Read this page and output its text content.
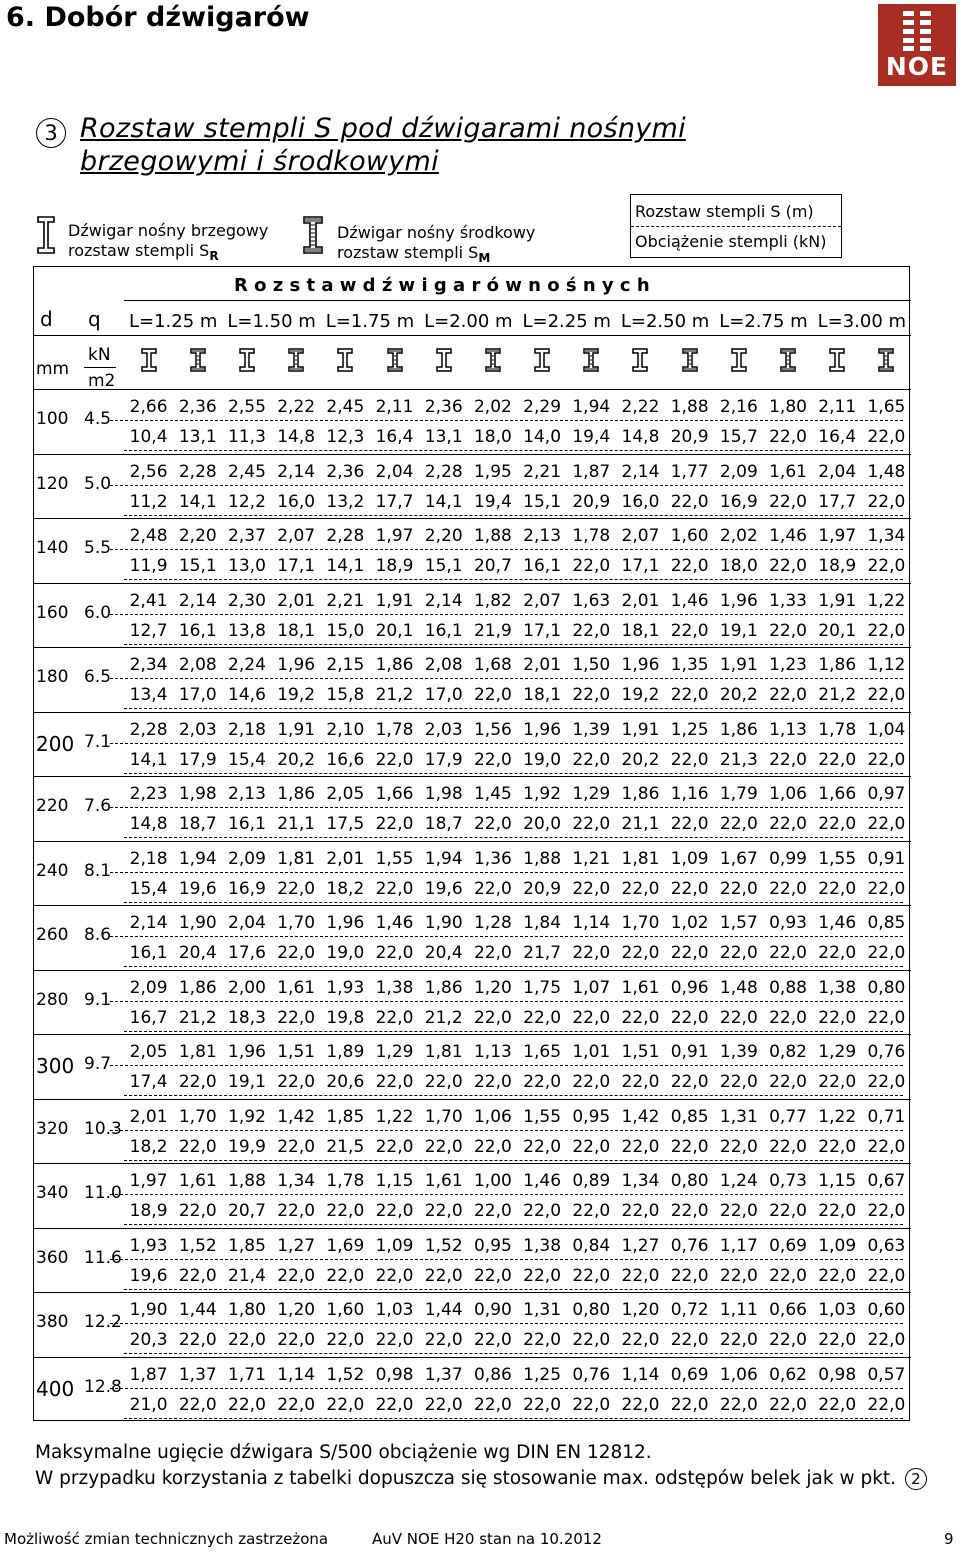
6. Dobór dźwigarów
NOE
3 Rozstaw stempli S pod dźwigarami nośnymi
brzegowymi i środkowymi
Dźwigar nośny brzegowy
rozstaw stempli $S_R$
Dźwigar nośny środkowy
rozstaw stempli $S_M$
Rozstaw stempli S (m)
Obciążenie stempli (kN)
R o z s t a w d ź w i g a r ó w n o ś n y c h
d q
mm
kN
m2
L=1.25 m L=1.50 m L=1.75 m L=2.00 m L=2.25 m L=2.50 m L=2.75 m L=3.00 m
100 4.5
2,66
10,4
2,36
13,1
2,55
11,3
2,22
14,8
2,45
12,3
2,11
16,4
2,36
13,1
2,02
18,0
2,29
14,0
1,94
19,4
2,22
14,8
1,88
20,9
2,16
15,7
1,80
22,0
2,11
16,4
1,65
22,0
120 5.0
2,56
11,2
2,28
14,1
2,45
12,2
2,14
16,0
2,36
13,2
2,04
17,7
2,28
14,1
1,95
19,4
2,21
15,1
1,87
20,9
2,14
16,0
1,77
22,0
2,09
16,9
1,61
22,0
2,04
17,7
1,48
22,0
140 5.5
2,48
11,9
2,20
15,1
2,37
13,0
2,07
17,1
2,28
14,1
1,97
18,9
2,20
15,1
1,88
20,7
2,13
16,1
1,78
22,0
2,07
17,1
1,60
22,0
2,02
18,0
1,46
22,0
1,97
18,9
1,34
22,0
160 6.0
2,41
12,7
2,14
16,1
2,30
13,8
2,01
18,1
2,21
15,0
1,91
20,1
2,14
16,1
1,82
21,9
2,07
17,1
1,63
22,0
2,01
18,1
1,46
22,0
1,96
19,1
1,33
22,0
1,91
20,1
1,22
22,0
180 6.5
2,34
13,4
2,08
17,0
2,24
14,6
1,96
19,2
2,15
15,8
1,86
21,2
2,08
17,0
1,68
22,0
2,01
18,1
1,50
22,0
1,96
19,2
1,35
22,0
1,91
20,2
1,23
22,0
1,86
21,2
1,12
22,0
200 7.1
2,28
14,1
2,03
17,9
2,18
15,4
1,91
20,2
2,10
16,6
1,78
22,0
2,03
17,9
1,56
22,0
1,96
19,0
1,39
22,0
1,91
20,2
1,25
22,0
1,86
21,3
1,13
22,0
1,78
22,0
1,04
22,0
220 7.6
2,23
14,8
1,98
18,7
2,13
16,1
1,86
21,1
2,05
17,5
1,66
22,0
1,98
18,7
1,45
22,0
1,92
20,0
1,29
22,0
1,86
21,1
1,16
22,0
1,79
22,0
1,06
22,0
1,66
22,0
0,97
22,0
240 8.1
2,18
15,4
1,94
19,6
2,09
16,9
1,81
22,0
2,01
18,2
1,55
22,0
1,94
19,6
1,36
22,0
1,88
20,9
1,21
22,0
1,81
22,0
1,09
22,0
1,67
22,0
0,99
22,0
1,55
22,0
0,91
22,0
260 8.6
2,14
16,1
1,90
20,4
2,04
17,6
1,70
22,0
1,96
19,0
1,46
22,0
1,90
20,4
1,28
22,0
1,84
21,7
1,14
22,0
1,70
22,0
1,02
22,0
1,57
22,0
0,93
22,0
1,46
22,0
0,85
22,0
280 9.1
2,09
16,7
1,86
21,2
2,00
18,3
1,61
22,0
1,93
19,8
1,38
22,0
1,86
21,2
1,20
22,0
1,75
22,0
1,07
22,0
1,61
22,0
0,96
22,0
1,48
22,0
0,88
22,0
1,38
22,0
0,80
22,0
300 9.7
2,05
17,4
1,81
22,0
1,96
19,1
1,51
22,0
1,89
20,6
1,29
22,0
1,81
22,0
1,13
22,0
1,65
22,0
1,01
22,0
1,51
22,0
0,91
22,0
1,39
22,0
0,82
22,0
1,29
22,0
0,76
22,0
320 10.3
2,01
18,2
1,70
22,0
1,92
19,9
1,42
22,0
1,85
21,5
1,22
22,0
1,70
22,0
1,06
22,0
1,55
22,0
0,95
22,0
1,42
22,0
0,85
22,0
1,31
22,0
0,77
22,0
1,22
22,0
0,71
22,0
340 11.0
1,97
18,9
1,61
22,0
1,88
20,7
1,34
22,0
1,78
22,0
1,15
22,0
1,61
22,0
1,00
22,0
1,46
22,0
0,89
22,0
1,34
22,0
0,80
22,0
1,24
22,0
0,73
22,0
1,15
22,0
0,67
22,0
360 11.6
1,93
19,6
1,52
22,0
1,85
21,4
1,27
22,0
1,69
22,0
1,09
22,0
1,52
22,0
0,95
22,0
1,38
22,0
0,84
22,0
1,27
22,0
0,76
22,0
1,17
22,0
0,69
22,0
1,09
22,0
0,63
22,0
380 12.2
1,90
20,3
1,44
22,0
1,80
22,0
1,20
22,0
1,60
22,0
1,03
22,0
1,44
22,0
0,90
22,0
1,31
22,0
0,80
22,0
1,20
22,0
0,72
22,0
1,11
22,0
0,66
22,0
1,03
22,0
0,60
22,0
400 12.8
1,87
21,0
1,37
22,0
1,71
22,0
1,14
22,0
1,52
22,0
0,98
22,0
1,37
22,0
0,86
22,0
1,25
22,0
0,76
22,0
1,14
22,0
0,69
22,0
1,06
22,0
0,62
22,0
0,98
22,0
0,57
22,0
Maksymalne ugięcie dźwigara S/500 obciążenie wg DIN EN 12812.
W przypadku korzystania z tabelki dopuszcza się stosowanie max. odstępów belek jak w pkt. 2
Możliwość zmian technicznych zastrzeżona	AuV NOE H20 stan na 10.2012	9
